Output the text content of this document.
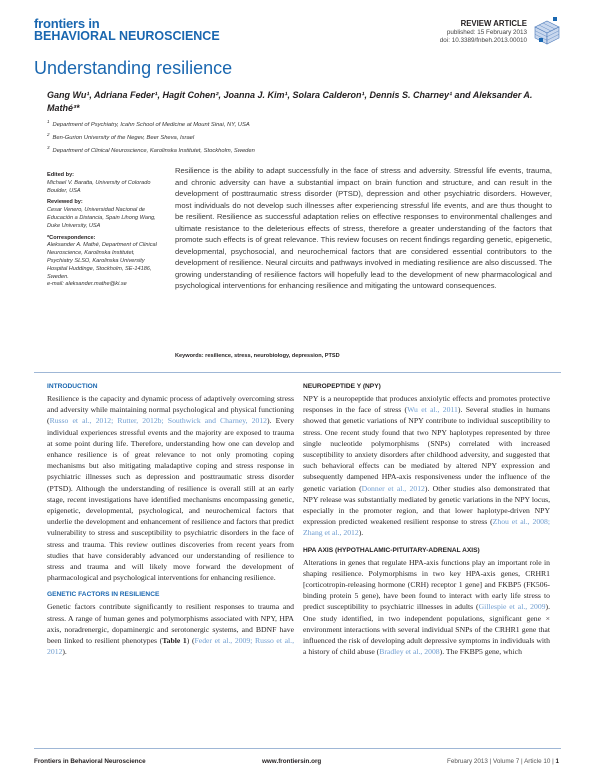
frontiers in
BEHAVIORAL NEUROSCIENCE
REVIEW ARTICLE
published: 15 February 2013
doi: 10.3389/fnbeh.2013.00010
Understanding resilience
Gang Wu¹, Adriana Feder¹, Hagit Cohen², Joanna J. Kim¹, Solara Calderon¹, Dennis S. Charney¹ and Aleksander A. Mathé³*
$^1$Department of Psychiatry, Icahn School of Medicine at Mount Sinai, NY, USA
$^2$Ben-Gurion University of the Negev, Beer Sheva, Israel
$^3$Department of Clinical Neuroscience, Karolinska Institutet, Stockholm, Sweden
Edited by:
Michael V. Baratta, University of Colorado Boulder, USA
Reviewed by:
Cesar Venero, Universidad Nacional de Educación a Distancia, Spain Lihong Wang, Duke University, USA
*Correspondence:
Aleksander A. Mathé, Department of Clinical Neuroscience, Karolinska Institutet, Psychiatry SLSO, Karolinska University Hospital Huddinge, Stockholm, SE-14186, Sweden.
e-mail: aleksander.mathe@ki.se
Resilience is the ability to adapt successfully in the face of stress and adversity. Stressful life events, trauma, and chronic adversity can have a substantial impact on brain function and structure, and can result in the development of posttraumatic stress disorder (PTSD), depression and other psychiatric disorders. However, most individuals do not develop such illnesses after experiencing stressful life events, and are thus thought to be resilient. Resilience as successful adaptation relies on effective responses to environmental challenges and ultimate resistance to the deleterious effects of stress, therefore a greater understanding of the factors that promote such effects is of great relevance. This review focuses on recent findings regarding genetic, epigenetic, developmental, psychosocial, and neurochemical factors that are considered essential contributors to the development of resilience. Neural circuits and pathways involved in mediating resilience are also discussed. The growing understanding of resilience factors will hopefully lead to the development of new pharmacological and psychological interventions for enhancing resilience and mitigating the untoward consequences.
Keywords: resilience, stress, neurobiology, depression, PTSD
INTRODUCTION

Resilience is the capacity and dynamic process of adaptively overcoming stress and adversity while maintaining normal psychological and physical functioning (Russo et al., 2012; Rutter, 2012b; Southwick and Charney, 2012). Every individual experiences stressful events and the majority are exposed to trauma at some point during life. Therefore, understanding how one can develop and enhance resilience is of great relevance to not only promoting coping mechanisms but also mitigating maladaptive coping and stress response in psychiatric illnesses such as depression and posttraumatic stress disorder (PTSD). Although the understanding of resilience is overall still at an early stage, recent investigations have identified mechanisms encompassing genetic, epigenetic, developmental, psychological, and neurochemical factors that underlie the development and enhancement of resilience and factors that predict vulnerability to stress and susceptibility to psychiatric disorders in the face of stress and trauma. This review outlines discoveries from recent years from studies that have considerably advanced our understanding of resilience to stress and trauma and will likely move forward the development of pharmacological and psychological interventions for enhancing resilience.

GENETIC FACTORS IN RESILIENCE

Genetic factors contribute significantly to resilient responses to trauma and stress. A range of human genes and polymorphisms associated with NPY, HPA axis, noradrenergic, dopaminergic and serotonergic systems, and BDNF have been linked to resilient phenotypes (Table 1) (Feder et al., 2009; Russo et al., 2012).

NEUROPEPTIDE Y (NPY)

NPY is a neuropeptide that produces anxiolytic effects and promotes protective responses in the face of stress (Wu et al., 2011). Several studies in humans showed that genetic variations of NPY contribute to individual susceptibility to stress. One recent study found that two NPY haplotypes represented by three single nucleotide polymorphisms (SNPs) correlated with increased susceptibility to anxiety disorders after childhood adversity, and suggested that such behavioral effects can be mediated by altered NPY expression and subsequently dampened HPA-axis responsiveness under the influence of the genetic variation (Donner et al., 2012). Other studies also demonstrated that NPY release was substantially mediated by genetic variations in the NPY locus, especially in the promoter region, and that lower haplotype-driven NPY expression predicted weakened resilient response to stress (Zhou et al., 2008; Zhang et al., 2012).

HPA AXIS (HYPOTHALAMIC-PITUITARY-ADRENAL AXIS)

Alterations in genes that regulate HPA-axis functions play an important role in shaping resilience. Polymorphisms in two key HPA-axis genes, CRHR1 [corticotropin-releasing hormone (CRH) receptor 1 gene] and FKBP5 (FK506-binding protein 5 gene), have been found to interact with early life stress to predict susceptibility to psychiatric illnesses in adults (Gillespie et al., 2009). One study identified, in two independent populations, significant gene × environment interactions with several individual SNPs of the CRHR1 gene that influenced the risk of developing adult depressive symptoms in individuals with a history of child abuse (Bradley et al., 2008). The FKBP5 gene, which

Frontiers in Behavioral Neuroscience	www.frontiersin.org	February 2013 | Volume 7 | Article 10 | 1
